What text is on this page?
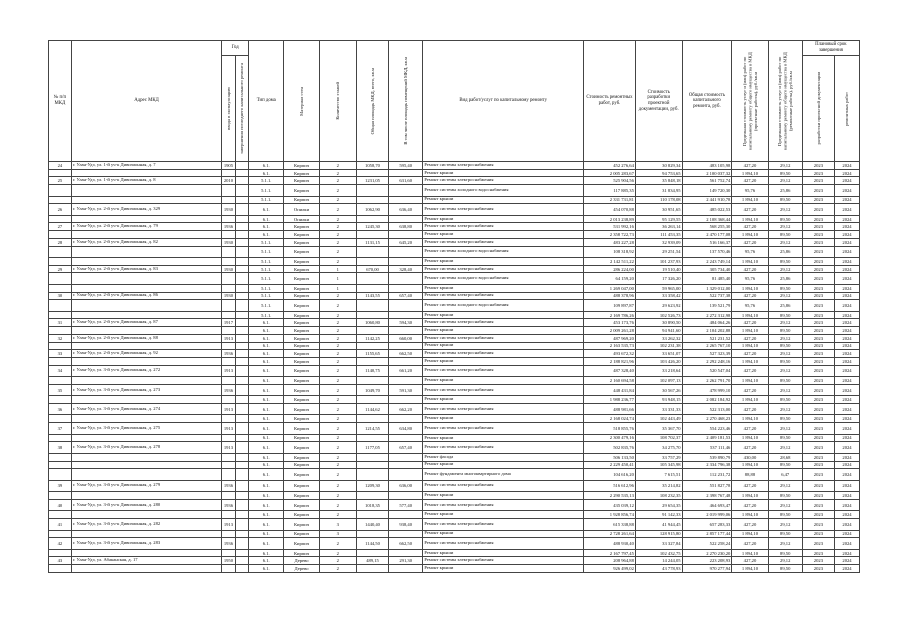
№ п/п МКД	Адрес МКД	Год		Тип дома	Материал стен	Количество этажей	Общая площадь МКД, всего, кв.м	В том числе площадь помещений МКД, кв.м	Вид работ/услуг по капитальному ремонту	Стоимость ремонтных работ, руб.	Стоимость разработки проектной документации, руб.	Общая стоимость капитального ремонта, руб.	Предельная стоимость услуг и (или) работ по капитальному ремонту общего имущества в МКД (проектные работы), руб./кв.м	Предельная стоимость услуг и (или) работ по капитальному ремонту общего имущества в МКД (ремонтные работы), руб./кв.м	Плановый срок завершения	

		ввода в эксплуатацию	завершения последнего капитального ремонта												разработки проектной документации	ремонтных работ

24	г. Улан-Удэ, ул. 1-й уч-к Дивизионная, д. 7	1905		6.1.	Кирпич	2	1058,70	595,40	Ремонт системы электроснабжения	452 276,64	30 829,34	483 105,98	427,20	29,12	2023	2024
				6.1.	Кирпич	2			Ремонт крыши	2 005 283,67	94 753,65	2 100 037,32	1 894,10	89,50	2023	2024
25	г. Улан-Удэ, ул. 1-й уч-к Дивизионная, д. 8	2010		5.1.1.	Кирпич	2	1231,05	631,60	Ремонт системы электроснабжения	525 904,56	35 848,18	561 752,74	427,20	29,12	2023	2024
				5.1.1.	Кирпич	2			Ремонт системы холодного водоснабжения	117 885,35	31 834,95	149 720,30	95,76	25,86	2023	2024
				5.1.1.	Кирпич	2			Ремонт крыши	2 331 731,81	110 178,08	2 441 910,78	1 894,10	89,50	2023	2024
26	г. Улан-Удэ, ул. 2-й уч-к Дивизионная, д. 329	1930		6.1.	Опилки	2	1062,90	636,40	Ремонт системы электроснабжения	454 070,88	30 951,65	485 022,53	427,20	29,12	2023	2024
				6.1.	Опилки	2			Ремонт крыши	2 013 238,89	95 129,55	2 108 368,44	1 894,10	89,50	2023	2024
27	г. Улан-Удэ, ул. 2-й уч-к Дивизионная, д. 79	1936		6.1.	Кирпич	2	1245,30	638,80	Ремонт системы электроснабжения	531 992,16	36 263,14	568 255,30	427,20	29,12	2023	2024
				6.1.	Кирпич	2			Ремонт крыши	2 358 722,73	111 453,35	2 470 177,08	1 894,10	89,50	2023	2024
28	г. Улан-Удэ, ул. 2-й уч-к Дивизионная, д. 82	1930		5.1.1.	Кирпич	2	1131,15	645,20	Ремонт системы электроснабжения	483 227,28	32 939,09	516 166,37	427,20	29,12	2023	2024
				5.1.1.	Кирпич	2			Ремонт системы холодного водоснабжения	108 318,92	29 251,54	137 570,46	95,76	25,86	2023	2024
				5.1.1.	Кирпич	2			Ремонт крыши	2 142 511,22	101 237,93	2 243 749,14	1 894,10	89,50	2023	2024
29	г. Улан-Удэ, ул. 2-й уч-к Дивизионная, д. 83	1930		5.1.1.	Кирпич	1	670,00	328,40	Ремонт системы электроснабжения	286 224,00	19 510,40	305 734,40	427,20	29,12	2023	2024
				5.1.1.	Кирпич	1			Ремонт системы холодного водоснабжения	64 159,20	17 326,20	81 485,40	95,76	25,86	2023	2024
				5.1.1.	Кирпич	1			Ремонт крыши	1 269 047,00	59 965,00	1 329 012,00	1 894,10	89,50	2023	2024
30	г. Улан-Удэ, ул. 2-й уч-к Дивизионная, д. 86	1930		5.1.1.	Кирпич	2	1143,55	657,40	Ремонт системы электроснабжения	488 378,96	33 358,42	522 737,38	427,20	29,12	2023	2024
				5.1.1.	Кирпич	2			Ремонт системы холодного водоснабжения	109 897,87	29 623,92	139 521,79	95,76	25,86	2023	2024
				5.1.1.	Кирпич	2			Ремонт крыши	2 169 786,26	102 526,73	2 272 312,98	1 894,10	89,50	2023	2024
31	г. Улан-Удэ, ул. 2-й уч-к Дивизионная, д. 87	1917		6.1.	Кирпич	2	1060,80	594,30	Ремонт системы электроснабжения	453 173,76	30 890,50	484 064,26	427,20	29,12	2023	2024
				6.1.	Кирпич	2			Ремонт крыши	2 009 261,28	94 941,60	2 104 202,88	1 894,10	89,50	2023	2024
32	г. Улан-Удэ, ул. 2-й уч-к Дивизионная, д. 88	1913		6.1.	Кирпич	2	1142,25	660,00	Ремонт системы электроснабжения	487 969,20	33 262,32	521 231,52	427,20	29,12	2023	2024
				6.1.	Кирпич	2			Ремонт крыши	2 163 535,73	102 231,38	2 265 767,10	1 894,10	89,50	2023	2024
33	г. Улан-Удэ, ул. 2-й уч-к Дивизионная, д. 92	1936		6.1.	Кирпич	2	1155,65	662,50	Ремонт системы электроснабжения	493 672,32	33 651,07	527 323,39	427,20	29,12	2023	2024
				6.1.	Кирпич	2			Ремонт крыши	2 188 821,96	103 426,20	2 292 248,16	1 894,10	89,50	2023	2024
34	г. Улан-Удэ, ул. 3-й уч-к Дивизионная, д. 272	1913		6.1.	Кирпич	2	1140,75	661,20	Ремонт системы электроснабжения	487 328,40	33 218,64	520 547,04	427,20	29,12	2023	2024
				6.1.	Кирпич	2			Ремонт крыши	2 160 694,58	102 097,13	2 262 791,70	1 894,10	89,50	2023	2024
35	г. Улан-Удэ, ул. 3-й уч-к Дивизионная, д. 273	1936		6.1.	Кирпич	2	1049,70	591,30	Ремонт системы электроснабжения	448 431,84	30 567,26	478 999,10	427,20	29,12	2023	2024
				6.1.	Кирпич	2			Ремонт крыши	1 988 236,77	93 948,15	2 082 184,92	1 894,10	89,50	2023	2024
36	г. Улан-Удэ, ул. 3-й уч-к Дивизионная, д. 274	1913		6.1.	Кирпич	2	1144,62	662,20	Ремонт системы электроснабжения	488 981,66	33 331,33	522 313,00	427,20	29,12	2023	2024
				6.1.	Кирпич	2			Ремонт крыши	2 168 024,74	102 443,49	2 270 468,23	1 894,10	89,50	2023	2024
37	г. Улан-Удэ, ул. 3-й уч-к Дивизионная, д. 275	1913		6.1.	Кирпич	2	1214,55	634,80	Ремонт системы электроснабжения	518 855,76	35 367,70	554 223,46	427,20	29,12	2023	2024
				6.1.	Кирпич	2			Ремонт крыши	2 300 479,16	108 702,37	2 409 181,53	1 894,10	89,50	2023	2024
38	г. Улан-Удэ, ул. 3-й уч-к Дивизионная, д. 278	1913		6.1.	Кирпич	2	1177,05	657,40	Ремонт системы электроснабжения	502 835,76	34 275,70	537 111,46	427,20	29,12	2023	2024
				6.1.	Кирпич	2			Ремонт фасада	506 133,50	33 757,29	539 890,79	430,00	28,68	2023	2024
				6.1.	Кирпич	2			Ремонт крыши	2 229 450,41	105 345,98	2 334 796,38	1 894,10	89,50	2023	2024
				6.1.	Кирпич	2			Ремонт фундамента многоквартирного дома	104 616,20	7 615,51	112 231,72	88,88	6,47	2023	2024
39	г. Улан-Удэ, ул. 3-й уч-к Дивизионная, д. 279	1936		6.1.	Кирпич	2	1209,30	636,00	Ремонт системы электроснабжения	516 612,96	35 214,82	551 827,78	427,20	29,12	2023	2024
				6.1.	Кирпич	2			Ремонт крыши	2 290 535,13	108 232,35	2 398 767,48	1 894,10	89,50	2023	2024
40	г. Улан-Удэ, ул. 3-й уч-к Дивизионная, д. 280	1936		6.1.	Кирпич	2	1018,35	577,40	Ремонт системы электроснабжения	435 039,12	29 654,35	464 693,47	427,20	29,12	2023	2024
				6.1.	Кирпич	2			Ремонт крыши	1 928 856,74	91 142,33	2 019 999,06	1 894,10	89,50	2023	2024
41	г. Улан-Удэ, ул. 3-й уч-к Дивизионная, д. 282	1913		6.1.	Кирпич	3	1440,40	938,40	Ремонт системы электроснабжения	615 338,88	41 944,45	657 283,33	427,20	29,12	2023	2024
				6.1.	Кирпич	3			Ремонт крыши	2 728 261,64	128 915,80	2 857 177,44	1 894,10	89,50	2023	2024
42	г. Улан-Удэ, ул. 3-й уч-к Дивизионная, д. 283	1936		6.1.	Кирпич	2	1144,50	662,50	Ремонт системы электроснабжения	488 930,40	33 327,84	522 258,24	427,20	29,12	2023	2024
				6.1.	Кирпич	2			Ремонт крыши	2 167 797,45	102 432,75	2 270 230,20	1 894,10	89,50	2023	2024
43	г. Улан-Удэ, ул. Абаканская, д. 17	1950		6.1.	Дерево	2	489,15	291,30	Ремонт системы электроснабжения	208 964,88	14 244,05	223 208,93	427,20	29,12	2023	2024
				6.1.	Дерево	2			Ремонт крыши	926 499,02	43 778,93	970 277,94	1 894,10	89,50	2023	2024
